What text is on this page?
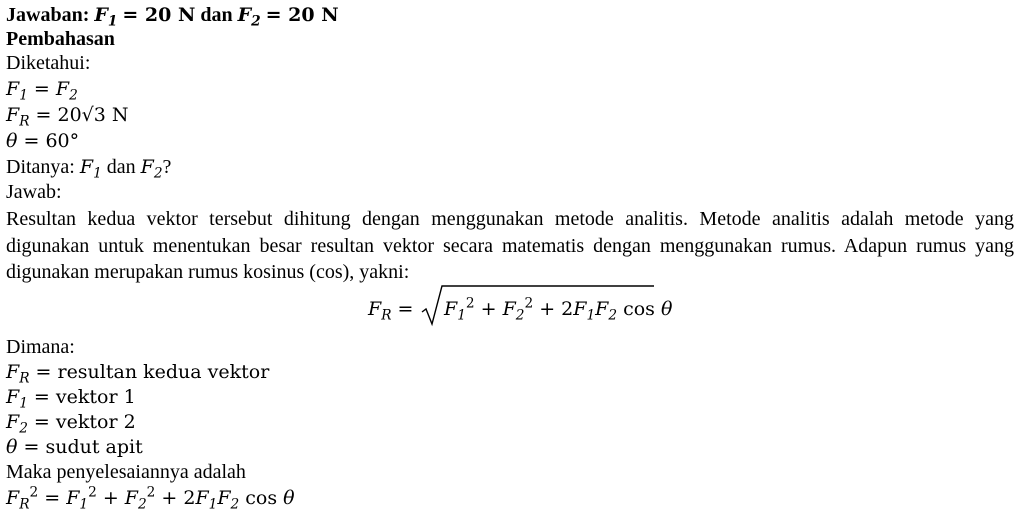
Jawaban: $F_1 = 20$ N dan $F_2 = 20$ N
Pembahasan
Diketahui:
$F_1 = F_2$
$F_R = 20√3$ N
θ = 60°
Ditanya: $F_1$ dan $F_2$?
Jawab:
Resultan kedua vektor tersebut dihitung dengan menggunakan metode analitis. Metode analitis adalah metode yang digunakan untuk menentukan besar resultan vektor secara matematis dengan menggunakan rumus. Adapun rumus yang digunakan merupakan rumus kosinus (cos), yakni:
$F_R = F_1^2 + F_2^2 + 2F_1F_2$ cos θ
Dimana:
$F_R$ = resultan kedua vektor
$F_1$ = vektor 1
$F_2$ = vektor 2
θ = sudut apit
Maka penyelesaiannya adalah
$F_R^2 = F_1^2 + F_2^2 + 2F_1F_2$ cos θ
